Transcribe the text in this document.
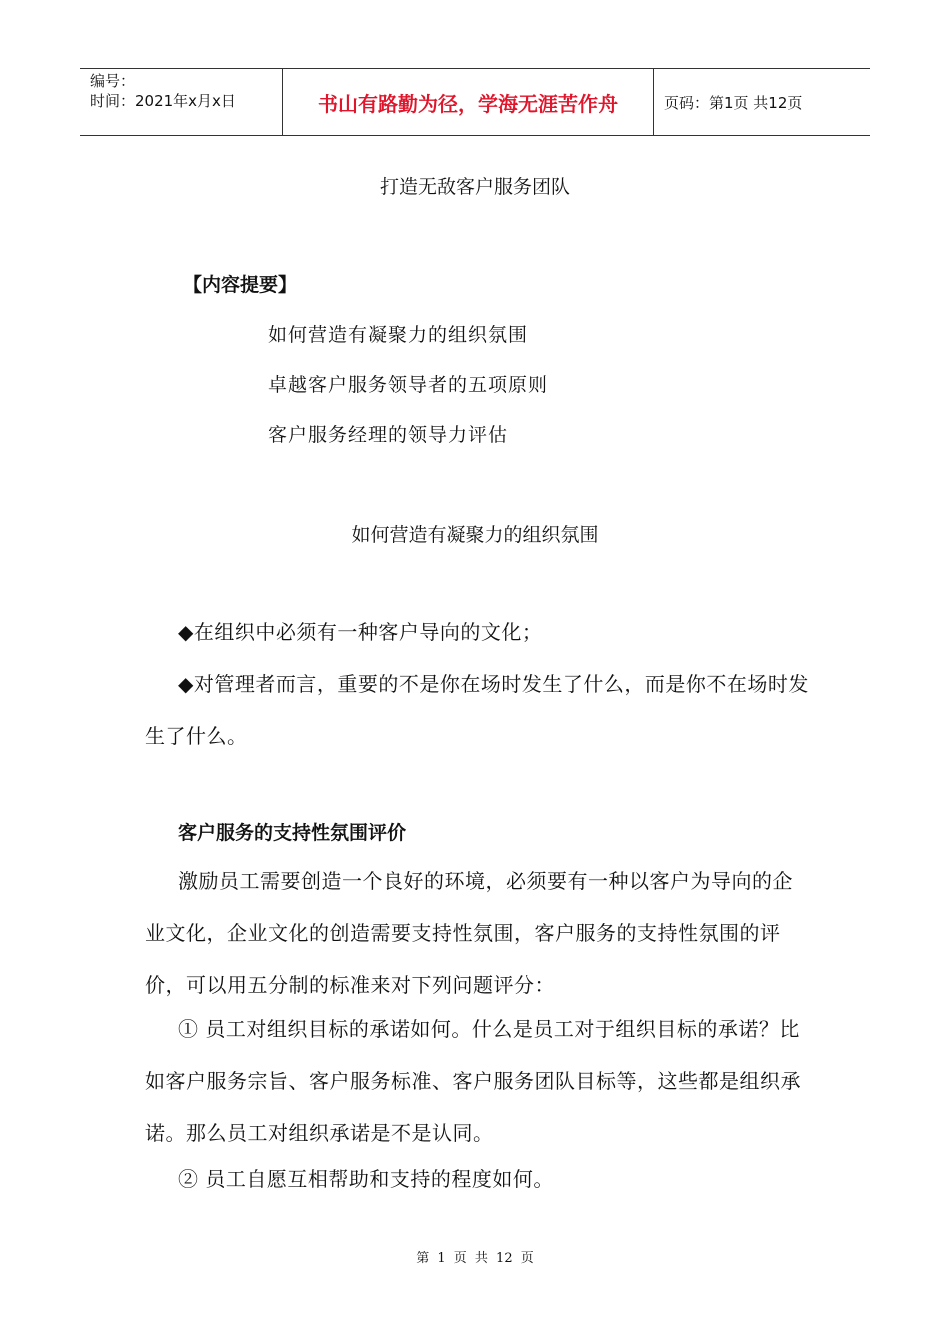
编号：
时间：2021年x月x日	书山有路勤为径，学海无涯苦作舟	页码：第1页 共12页
打造无敌客户服务团队
【内容提要】
如何营造有凝聚力的组织氛围
卓越客户服务领导者的五项原则
客户服务经理的领导力评估
如何营造有凝聚力的组织氛围
◆在组织中必须有一种客户导向的文化；
◆对管理者而言，重要的不是你在场时发生了什么，而是你不在场时发生了什么。
客户服务的支持性氛围评价
激励员工需要创造一个良好的环境，必须要有一种以客户为导向的企业文化，企业文化的创造需要支持性氛围，客户服务的支持性氛围的评价，可以用五分制的标准来对下列问题评分：
① 员工对组织目标的承诺如何。什么是员工对于组织目标的承诺？比如客户服务宗旨、客户服务标准、客户服务团队目标等，这些都是组织承诺。那么员工对组织承诺是不是认同。
② 员工自愿互相帮助和支持的程度如何。
第 1 页 共 12 页
